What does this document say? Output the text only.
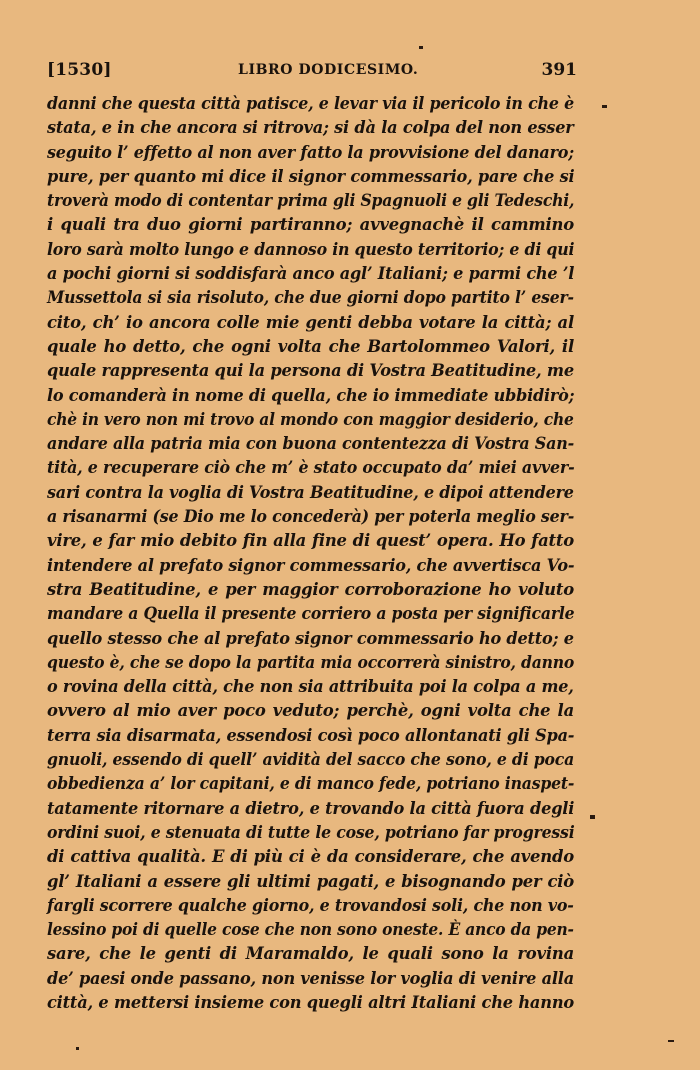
[1530]	LIBRO DODICESIMO.	391
danni che questa città patisce, e levar via il pericolo in che è
stata, e in che ancora si ritrova; si dà la colpa del non esser
seguito l’ effetto al non aver fatto la provvisione del danaro;
pure, per quanto mi dice il signor commessario, pare che si
troverà modo di contentar prima gli Spagnuoli e gli Tedeschi,
i quali tra duo giorni partiranno; avvegnachè il cammino
loro sarà molto lungo e dannoso in questo territorio; e di qui
a pochi giorni si soddisfarà anco agl’ Italiani; e parmi che ’l
Mussettola si sia risoluto, che due giorni dopo partito l’ eser-
cito, ch’ io ancora colle mie genti debba votare la città; al
quale ho detto, che ogni volta che Bartolommeo Valori, il
quale rappresenta qui la persona di Vostra Beatitudine, me
lo comanderà in nome di quella, che io immediate ubbidirò;
chè in vero non mi trovo al mondo con maggior desiderio, che
andare alla patria mia con buona contentezza di Vostra San-
tità, e recuperare ciò che m’ è stato occupato da’ miei avver-
sari contra la voglia di Vostra Beatitudine, e dipoi attendere
a risanarmi (se Dio me lo concederà) per poterla meglio ser-
vire, e far mio debito fin alla fine di quest’ opera. Ho fatto
intendere al prefato signor commessario, che avvertisca Vo-
stra Beatitudine, e per maggior corroborazione ho voluto
mandare a Quella il presente corriero a posta per significarle
quello stesso che al prefato signor commessario ho detto; e
questo è, che se dopo la partita mia occorrerà sinistro, danno
o rovina della città, che non sia attribuita poi la colpa a me,
ovvero al mio aver poco veduto; perchè, ogni volta che la
terra sia disarmata, essendosi così poco allontanati gli Spa-
gnuoli, essendo di quell’ avidità del sacco che sono, e di poca
obbedienza a’ lor capitani, e di manco fede, potriano inaspet-
tatamente ritornare a dietro, e trovando la città fuora degli
ordini suoi, e stenuata di tutte le cose, potriano far progressi
di cattiva qualità. E di più ci è da considerare, che avendo
gl’ Italiani a essere gli ultimi pagati, e bisognando per ciò
fargli scorrere qualche giorno, e trovandosi soli, che non vo-
lessino poi di quelle cose che non sono oneste. È anco da pen-
sare, che le genti di Maramaldo, le quali sono la rovina
de’ paesi onde passano, non venisse lor voglia di venire alla
città, e mettersi insieme con quegli altri Italiani che hanno
